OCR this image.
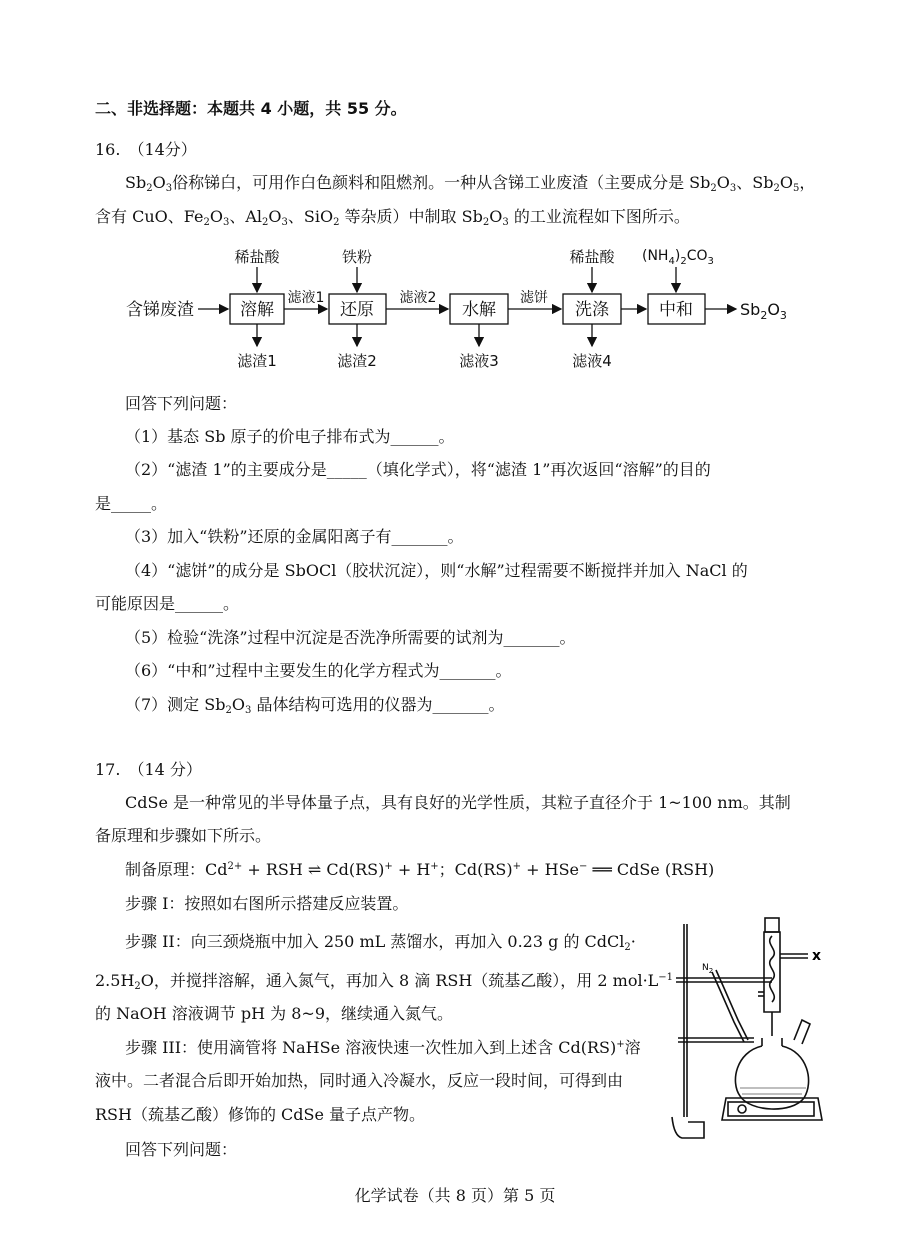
二、非选择题：本题共 4 小题，共 55 分。
16.　（14分）
$Sb_2O_3$俗称锑白，可用作白色颜料和阻燃剂。一种从含锑工业废渣（主要成分是 $Sb_2O_3$、$Sb_2O_5$，
含有 CuO、$Fe_2O_3$、$Al_2O_3$、SiO$_2$ 等杂质）中制取 $Sb_2O_3$ 的工业流程如下图所示。
含锑废渣	溶解
滤液1
还原
滤液2
水解
滤饼
洗涤	中和	$Sb_2O_3$
稀盐酸	铁粉	稀盐酸 $(NH_4)_2CO_3$
滤渣1	滤渣2	滤液3	滤液4
回答下列问题：
（1）基态 Sb 原子的价电子排布式为______。
（2）“滤渣 1”的主要成分是_____（填化学式），将“滤渣 1”再次返回“溶解”的目的
是_____。
（3）加入“铁粉”还原的金属阳离子有_______。
（4）“滤饼”的成分是 SbOCl（胶状沉淀），则“水解”过程需要不断搅拌并加入 NaCl 的
可能原因是______。
（5）检验“洗涤”过程中沉淀是否洗净所需要的试剂为_______。
（6）“中和”过程中主要发生的化学方程式为_______。
（7）测定 $Sb_2O_3$ 晶体结构可选用的仪器为_______。
17.　（14 分）
CdSe 是一种常见的半导体量子点，具有良好的光学性质，其粒子直径介于 1~100 nm。其制
备原理和步骤如下所示。
制备原理：$Cd^{2+}$ + RSH ⇌ Cd(RS)+ + H+；Cd(RS)+ + HSe− ══ CdSe (RSH)
步骤 I：按照如右图所示搭建反应装置。
步骤 II：向三颈烧瓶中加入 250 mL 蒸馏水，再加入 0.23 g 的 CdCl$_2$·
$2.5H_2O$，并搅拌溶解，通入氮气，再加入 8 滴 RSH（巯基乙酸），用 2 $mol\cdot L^{-1}$
的 NaOH 溶液调节 pH 为 8~9，继续通入氮气。
步骤 III：使用滴管将 NaHSe 溶液快速一次性加入到上述含 Cd(RS)+溶
液中。二者混合后即开始加热，同时通入冷凝水，反应一段时间，可得到由
RSH（巯基乙酸）修饰的 CdSe 量子点产物。
回答下列问题：
$N_2$
x
化学试卷（共 8 页）第 5 页
